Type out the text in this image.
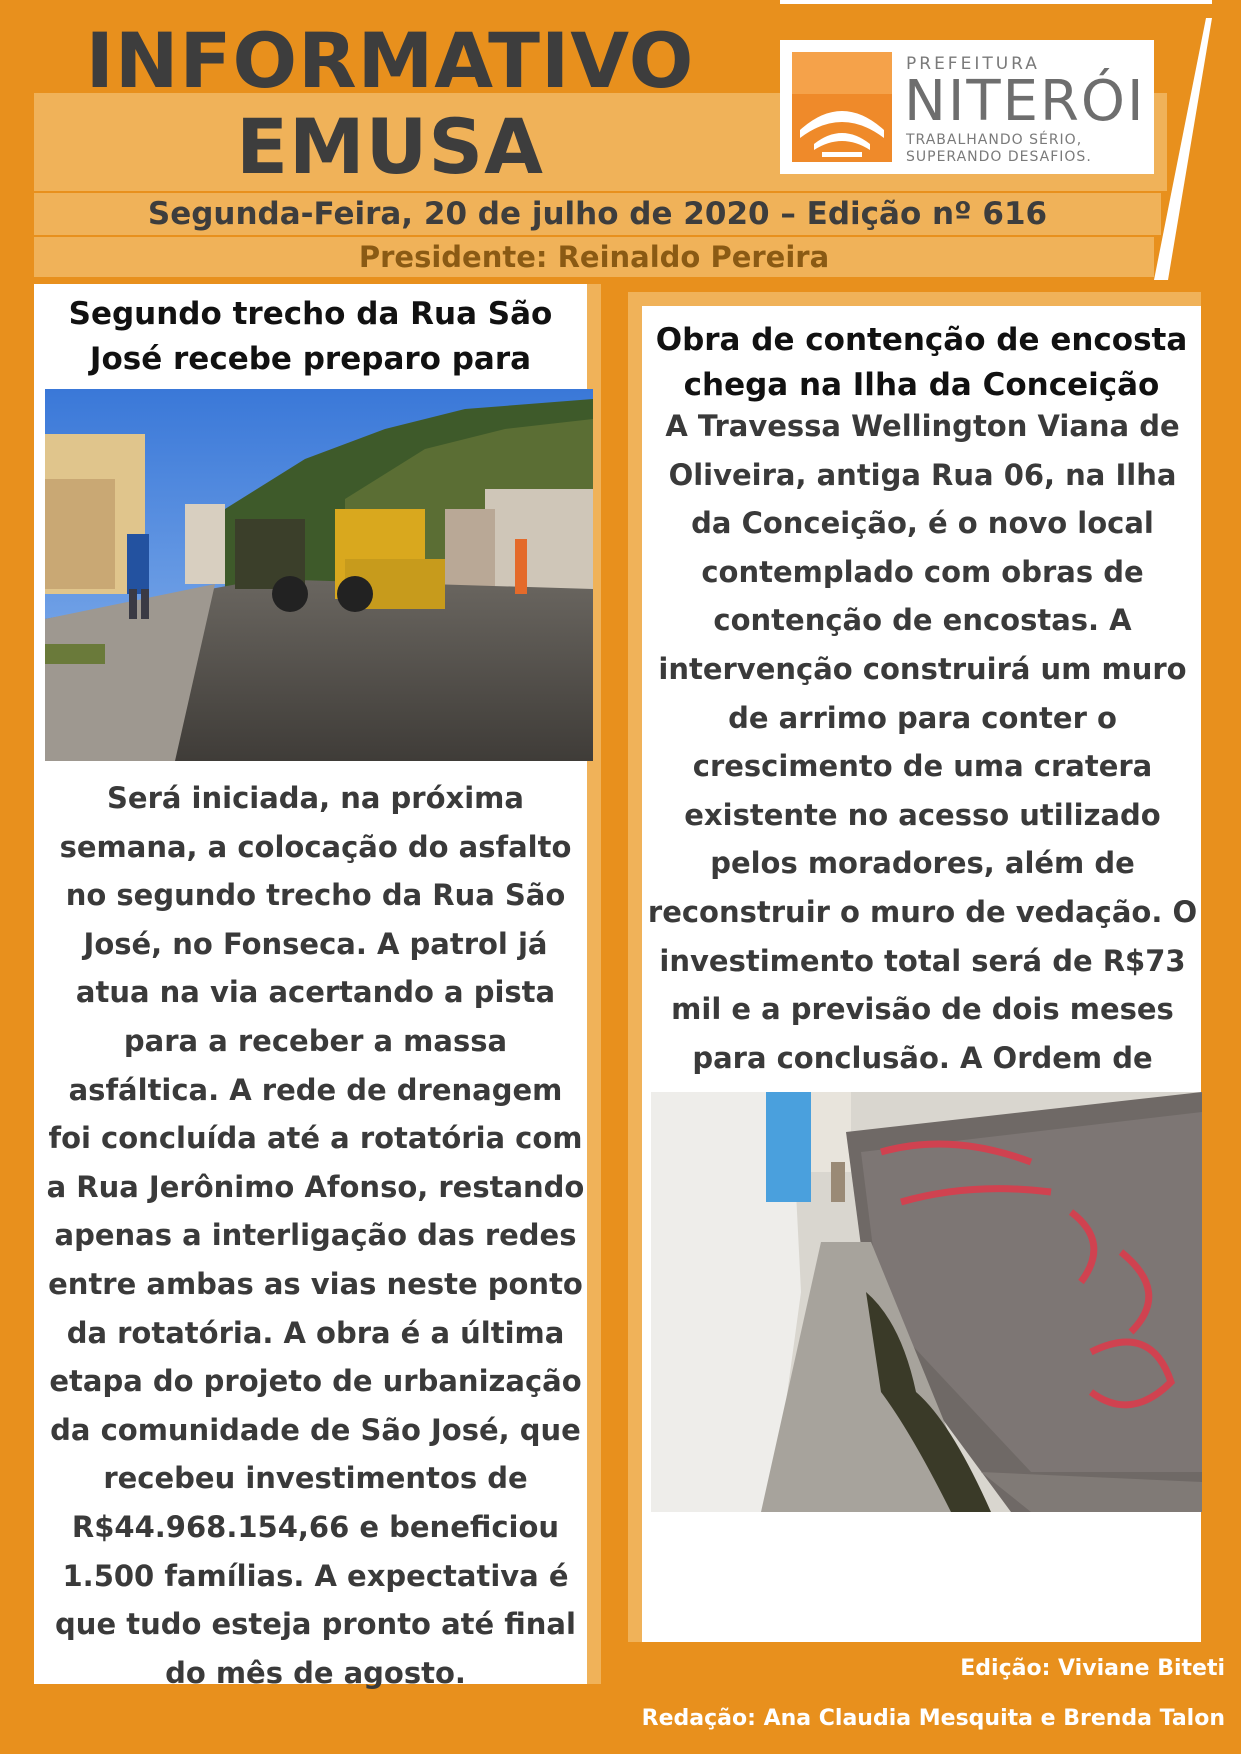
INFORMATIVO
EMUSA
Segunda-Feira, 20 de julho de 2020 – Edição nº 616
Presidente: Reinaldo Pereira
PREFEITURA
NITERÓI
TRABALHANDO SÉRIO,
SUPERANDO DESAFIOS.
Segundo trecho da Rua São José recebe preparo para
Será iniciada, na próxima semana, a colocação do asfalto no segundo trecho da Rua São José, no Fonseca. A patrol já atua na via acertando a pista para a receber a massa asfáltica. A rede de drenagem foi concluída até a rotatória com a Rua Jerônimo Afonso, restando apenas a interligação das redes entre ambas as vias neste ponto da rotatória. A obra é a última etapa do projeto de urbanização da comunidade de São José, que recebeu investimentos de R$44.968.154,66 e beneficiou 1.500 famílias. A expectativa é que tudo esteja pronto até final do mês de agosto.
Obra de contenção de encosta chega na Ilha da Conceição
A Travessa Wellington Viana de Oliveira, antiga Rua 06, na Ilha da Conceição, é o novo local contemplado com obras de contenção de encostas. A intervenção construirá um muro de arrimo para conter o crescimento de uma cratera existente no acesso utilizado pelos moradores, além de reconstruir o muro de vedação. O investimento total será de R$73 mil e a previsão de dois meses para conclusão. A Ordem de
Edição: Viviane Biteti
Redação: Ana Claudia Mesquita e Brenda Talon
